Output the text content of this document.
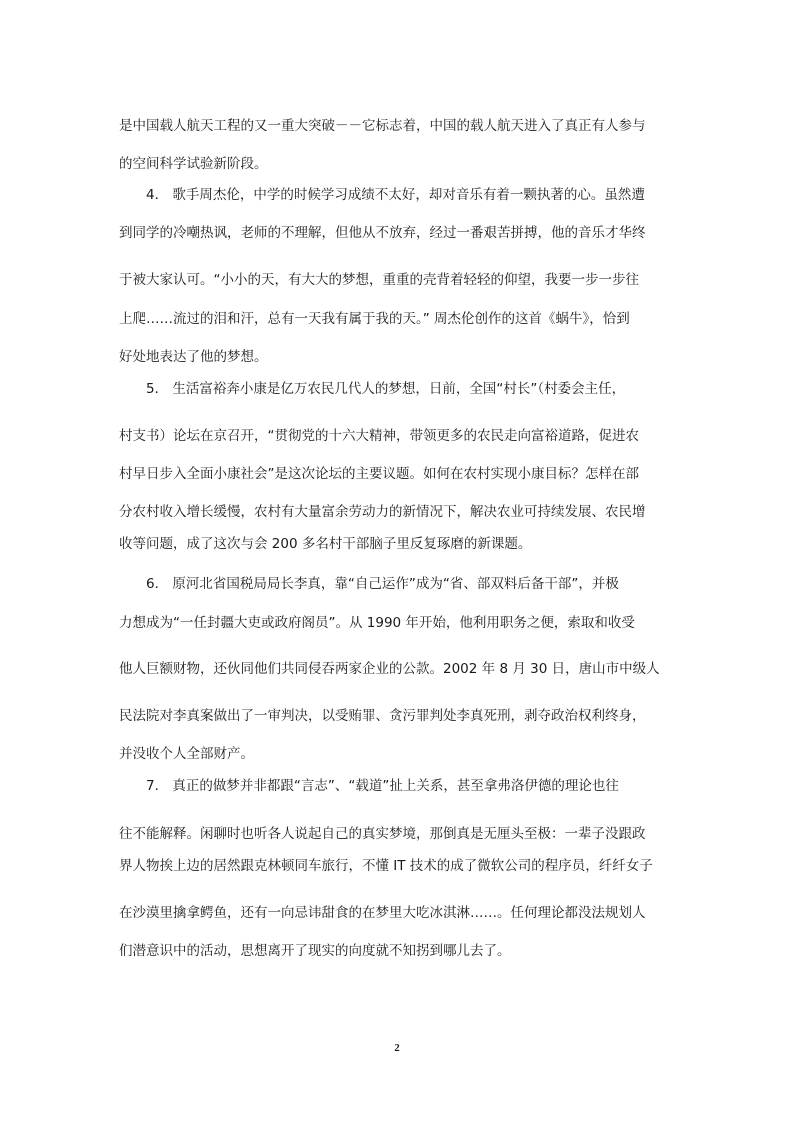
是中国载人航天工程的又一重大突破－－它标志着，中国的载人航天进入了真正有人参与
的空间科学试验新阶段。
4． 歌手周杰伦，中学的时候学习成绩不太好，却对音乐有着一颗执著的心。虽然遭
到同学的冷嘲热讽，老师的不理解，但他从不放弃，经过一番艰苦拼搏，他的音乐才华终
于被大家认可。“小小的天，有大大的梦想，重重的壳背着轻轻的仰望，我要一步一步往
上爬……流过的泪和汗，总有一天我有属于我的天。” 周杰伦创作的这首《蜗牛》，恰到
好处地表达了他的梦想。
5． 生活富裕奔小康是亿万农民几代人的梦想，日前，全国“村长”（村委会主任，
村支书）论坛在京召开，“贯彻党的十六大精神，带领更多的农民走向富裕道路，促进农
村早日步入全面小康社会”是这次论坛的主要议题。如何在农村实现小康目标？怎样在部
分农村收入增长缓慢，农村有大量富余劳动力的新情况下，解决农业可持续发展、农民增
收等问题，成了这次与会 200 多名村干部脑子里反复琢磨的新课题。
6． 原河北省国税局局长李真，靠“自己运作”成为“省、部双料后备干部”，并极
力想成为“一任封疆大吏或政府阁员”。从 1990 年开始，他利用职务之便，索取和收受
他人巨额财物，还伙同他们共同侵吞两家企业的公款。2002 年 8 月 30 日，唐山市中级人
民法院对李真案做出了一审判决，以受贿罪、贪污罪判处李真死刑，剥夺政治权利终身，
并没收个人全部财产。
7． 真正的做梦并非都跟“言志”、“载道”扯上关系，甚至拿弗洛伊德的理论也往
往不能解释。闲聊时也听各人说起自己的真实梦境，那倒真是无厘头至极：一辈子没跟政
界人物挨上边的居然跟克林顿同车旅行，不懂 IT 技术的成了微软公司的程序员，纤纤女子
在沙漠里擒拿鳄鱼，还有一向忌讳甜食的在梦里大吃冰淇淋……。任何理论都没法规划人
们潜意识中的活动，思想离开了现实的向度就不知拐到哪儿去了。
2
